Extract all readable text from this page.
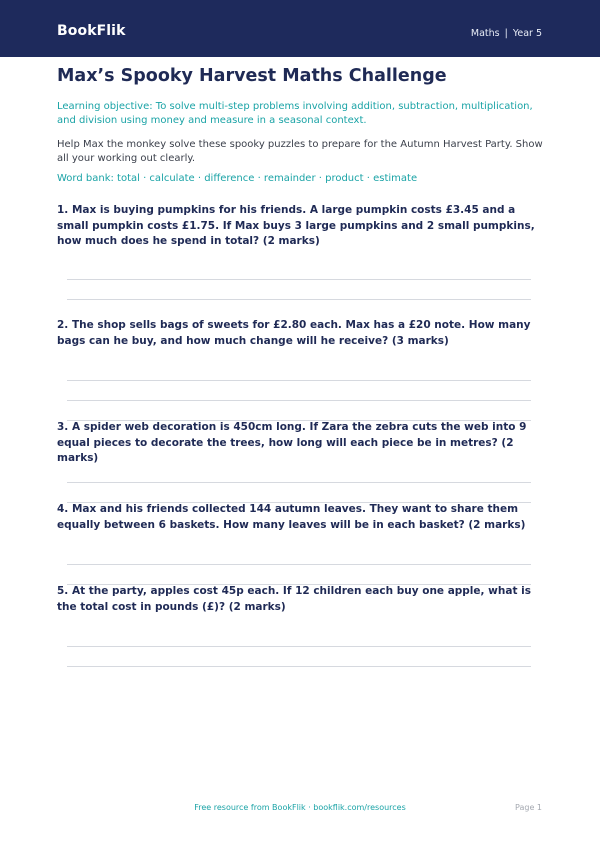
BookFlik	Maths | Year 5
Max’s Spooky Harvest Maths Challenge
Learning objective: To solve multi-step problems involving addition, subtraction, multiplication, and division using money and measure in a seasonal context.
Help Max the monkey solve these spooky puzzles to prepare for the Autumn Harvest Party. Show all your working out clearly.
Word bank: total · calculate · difference · remainder · product · estimate
1. Max is buying pumpkins for his friends. A large pumpkin costs £3.45 and a small pumpkin costs £1.75. If Max buys 3 large pumpkins and 2 small pumpkins, how much does he spend in total? (2 marks)
2. The shop sells bags of sweets for £2.80 each. Max has a £20 note. How many bags can he buy, and how much change will he receive? (3 marks)
3. A spider web decoration is 450cm long. If Zara the zebra cuts the web into 9 equal pieces to decorate the trees, how long will each piece be in metres? (2 marks)
4. Max and his friends collected 144 autumn leaves. They want to share them equally between 6 baskets. How many leaves will be in each basket? (2 marks)
5. At the party, apples cost 45p each. If 12 children each buy one apple, what is the total cost in pounds (£)? (2 marks)
Free resource from BookFlik · bookflik.com/resources	Page 1
